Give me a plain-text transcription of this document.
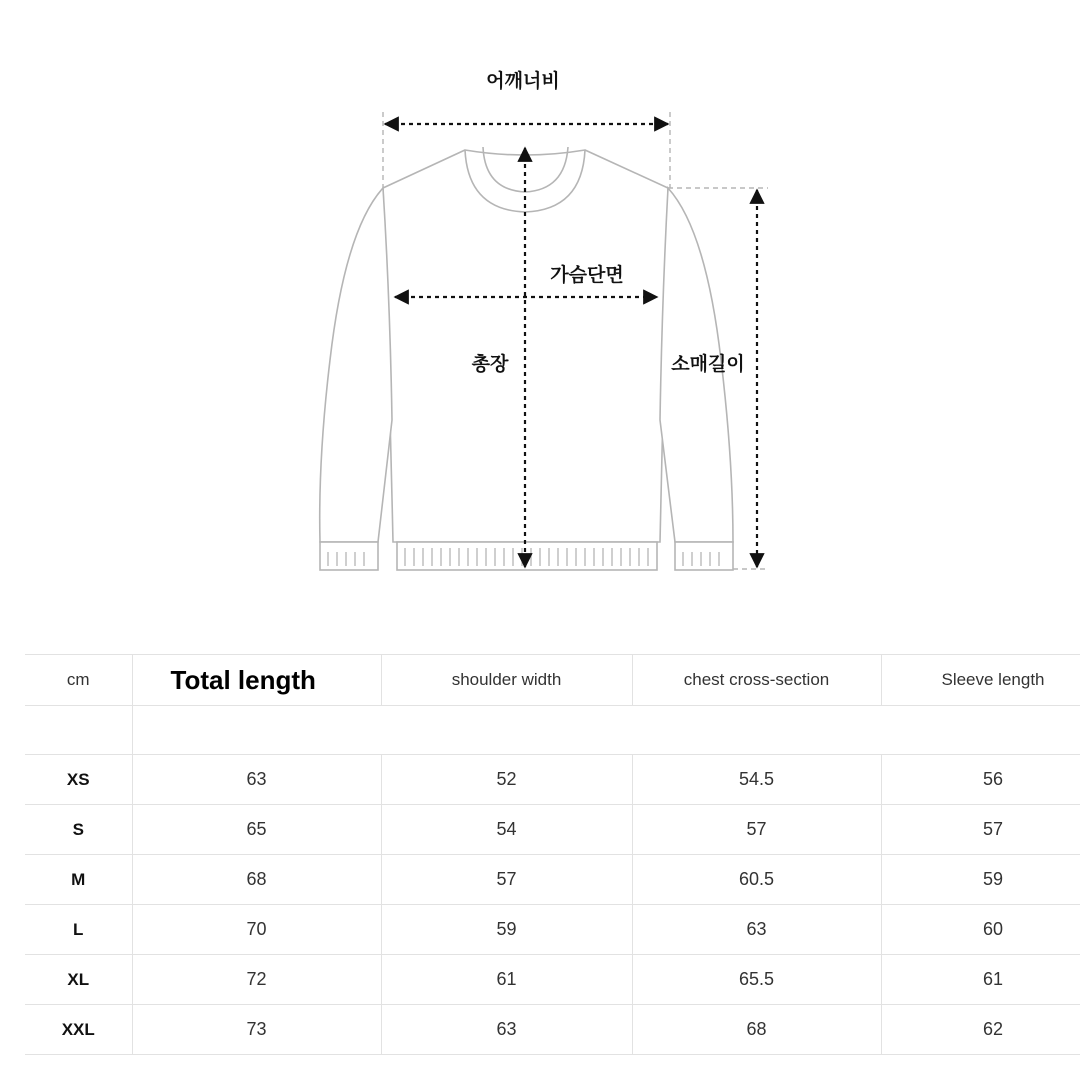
어깨너비
가슴단면
총장	소매길이
cm	Total length	shoulder width	chest cross-section	Sleeve length

XS	63	52	54.5	56
S	65	54	57	57
M	68	57	60.5	59
L	70	59	63	60
XL	72	61	65.5	61
XXL	73	63	68	62
